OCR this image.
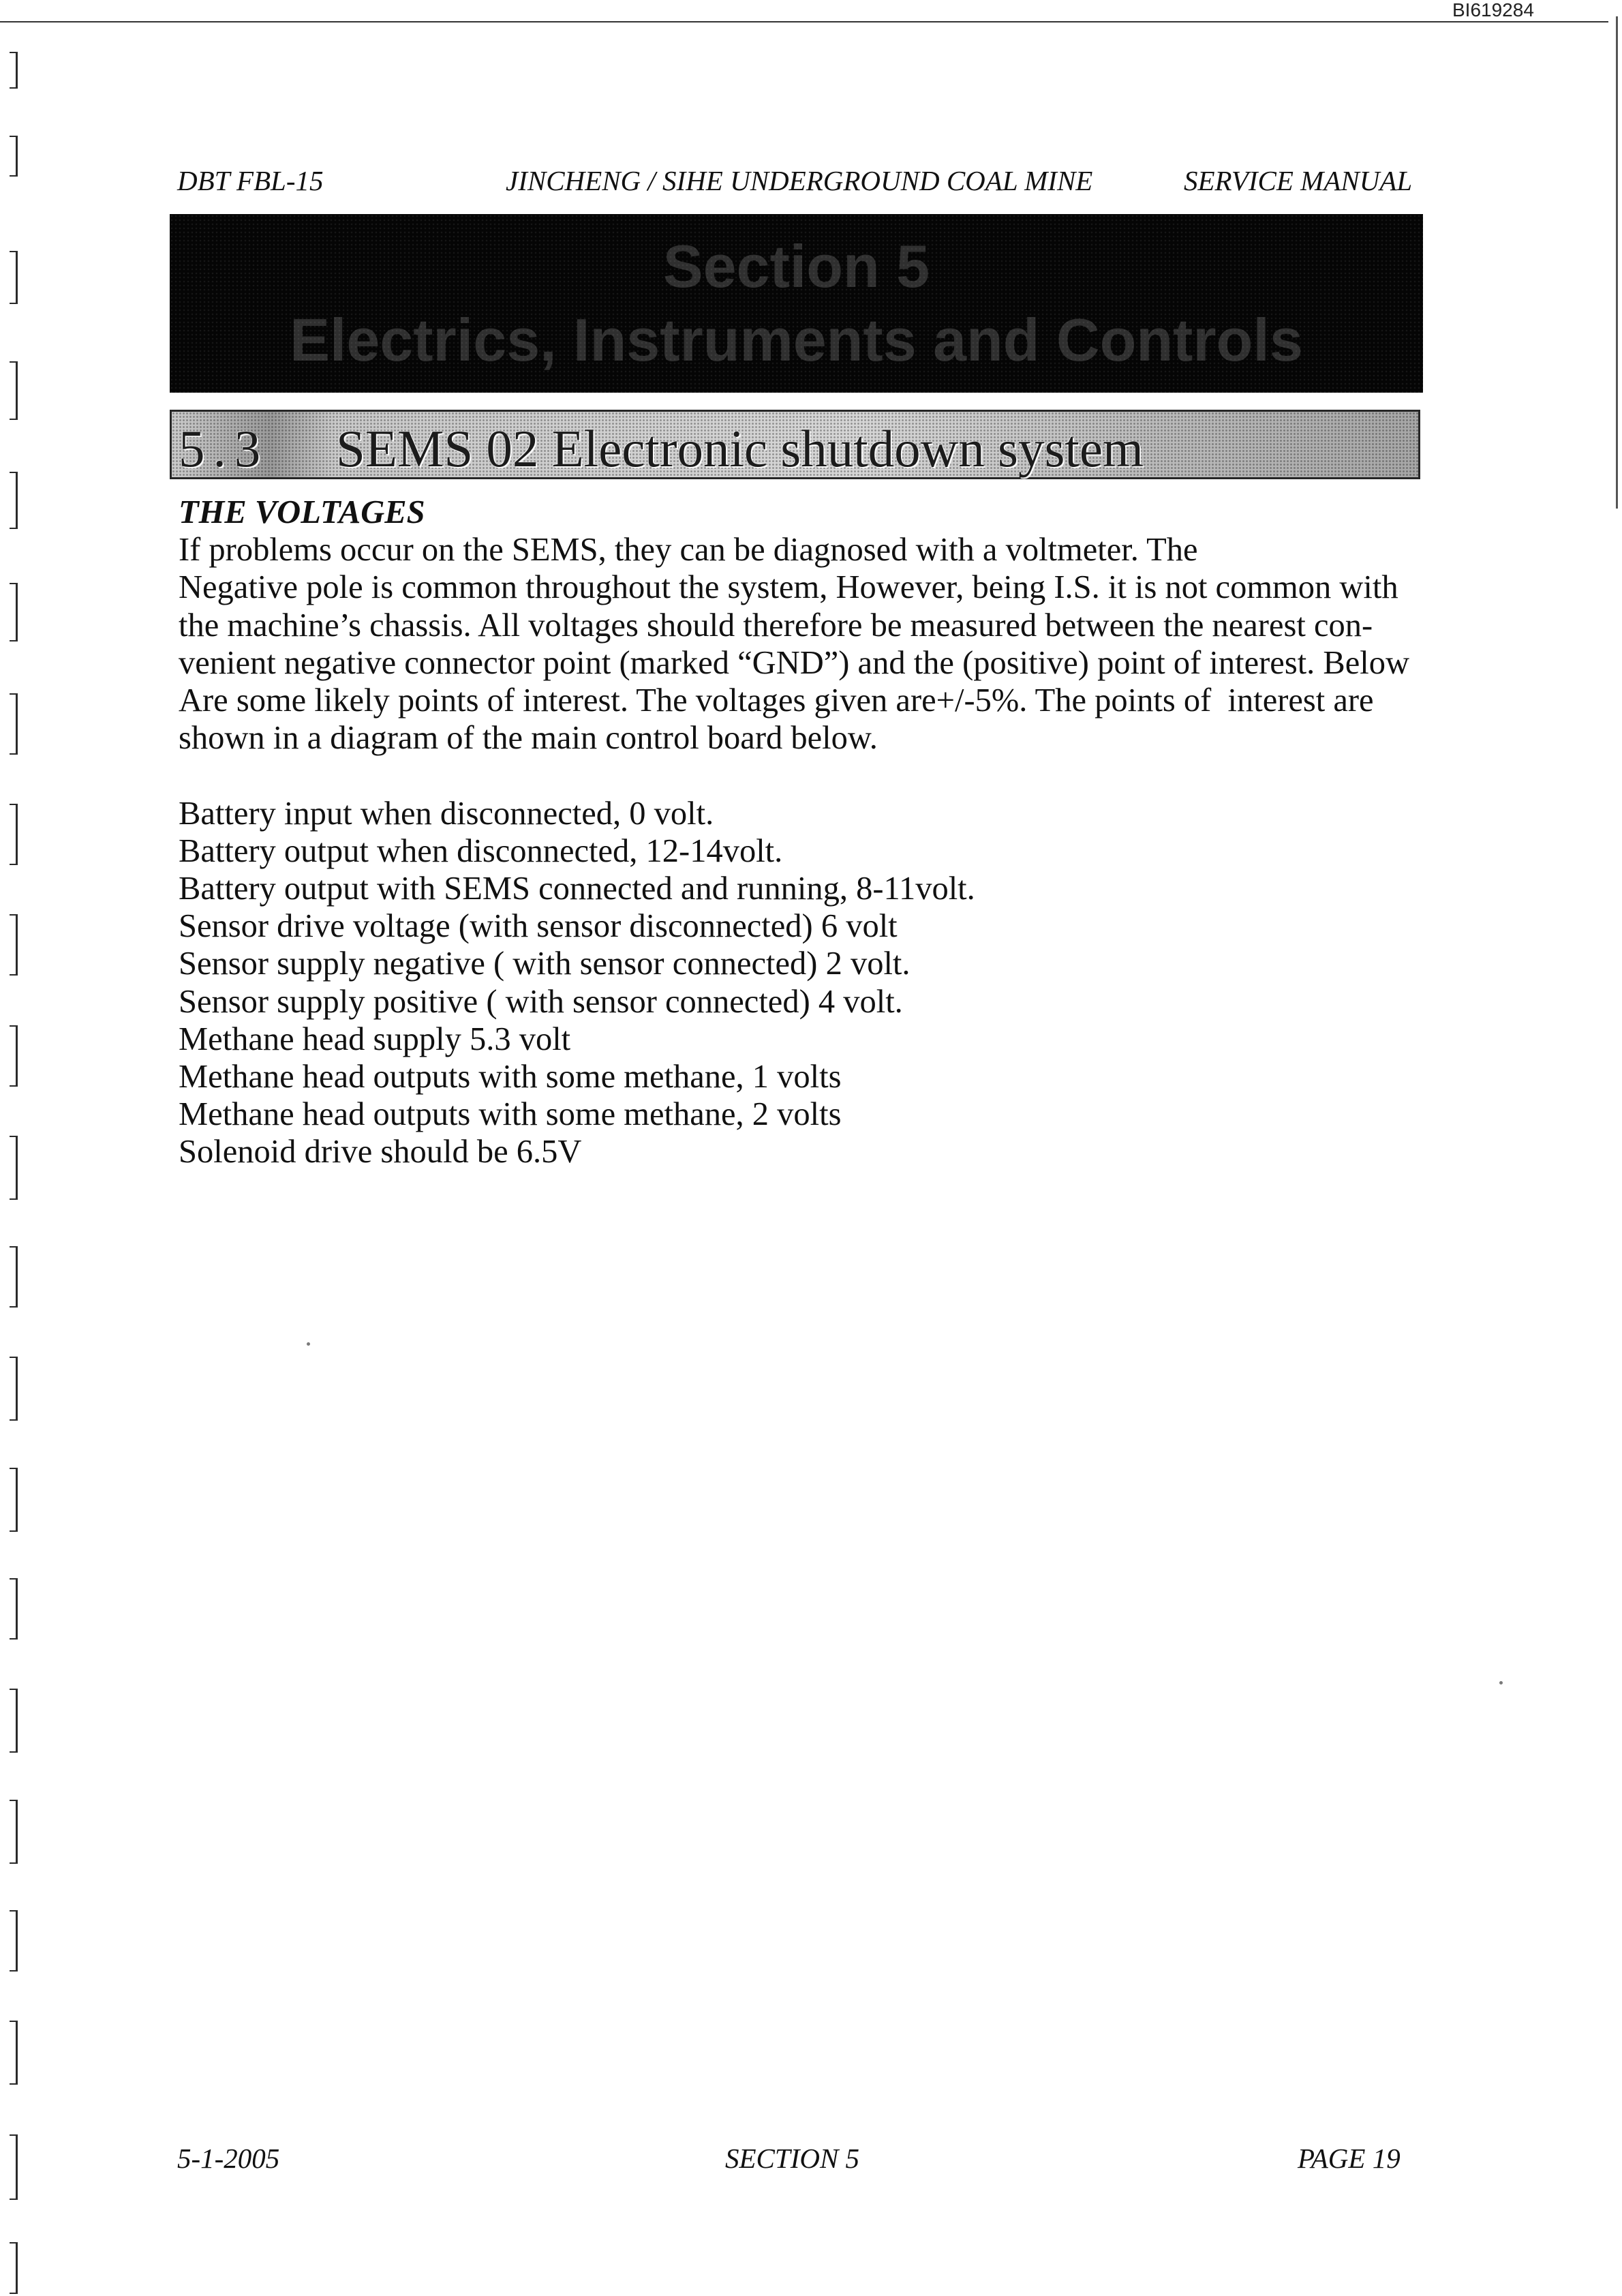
BI619284
DBT FBL-15	JINCHENG / SIHE UNDERGROUND COAL MINE	SERVICE MANUAL
Section 5
Electrics, Instruments and Controls
5.3 SEMS 02 Electronic shutdown system
THE VOLTAGES
If problems occur on the SEMS, they can be diagnosed with a voltmeter. The
Negative pole is common throughout the system, However, being I.S. it is not common with
the machine’s chassis. All voltages should therefore be measured between the nearest con-
venient negative connector point (marked “GND”) and the (positive) point of interest. Below
Are some likely points of interest. The voltages given are+/-5%. The points of  interest are
shown in a diagram of the main control board below.
Battery input when disconnected, 0 volt.
Battery output when disconnected, 12-14volt.
Battery output with SEMS connected and running, 8-11volt.
Sensor drive voltage (with sensor disconnected) 6 volt
Sensor supply negative ( with sensor connected) 2 volt.
Sensor supply positive ( with sensor connected) 4 volt.
Methane head supply 5.3 volt
Methane head outputs with some methane, 1 volts
Methane head outputs with some methane, 2 volts
Solenoid drive should be 6.5V
5-1-2005	SECTION 5	PAGE 19
